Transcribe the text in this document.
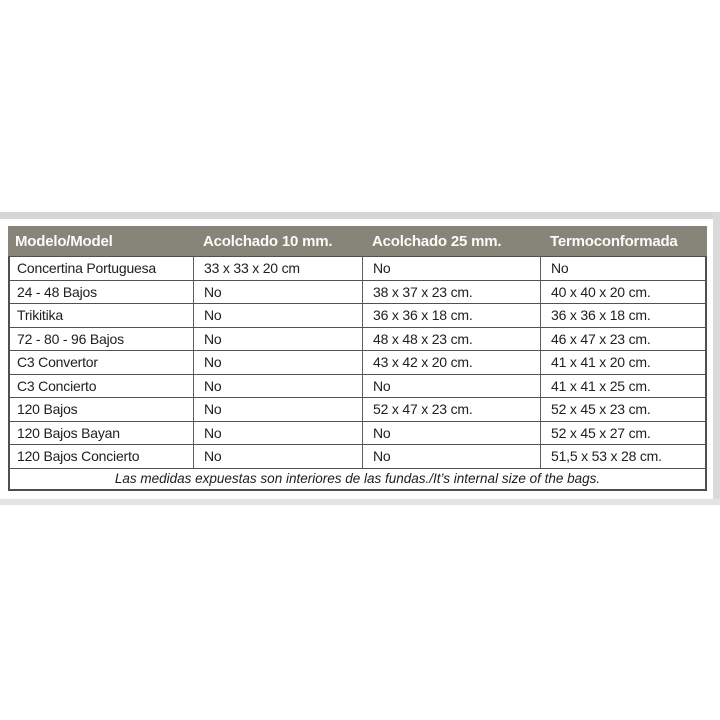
Modelo/Model	Acolchado 10 mm.	Acolchado 25 mm.	Termoconformada
Concertina Portuguesa	33 x 33 x 20 cm	No	No
24 - 48 Bajos	No	38 x 37 x 23 cm.	40 x 40 x 20 cm.
Trikitika	No	36 x 36 x 18 cm.	36 x 36 x 18 cm.
72 - 80 - 96 Bajos	No	48 x 48 x 23 cm.	46 x 47 x 23 cm.
C3 Convertor	No	43 x 42 x 20 cm.	41 x 41 x 20 cm.
C3 Concierto	No	No	41 x 41 x 25 cm.
120 Bajos	No	52 x 47 x 23 cm.	52 x 45 x 23 cm.
120 Bajos Bayan	No	No	52 x 45 x 27 cm.
120 Bajos Concierto	No	No	51,5 x 53 x 28 cm.
Las medidas expuestas son interiores de las fundas./It’s internal size of the bags.
